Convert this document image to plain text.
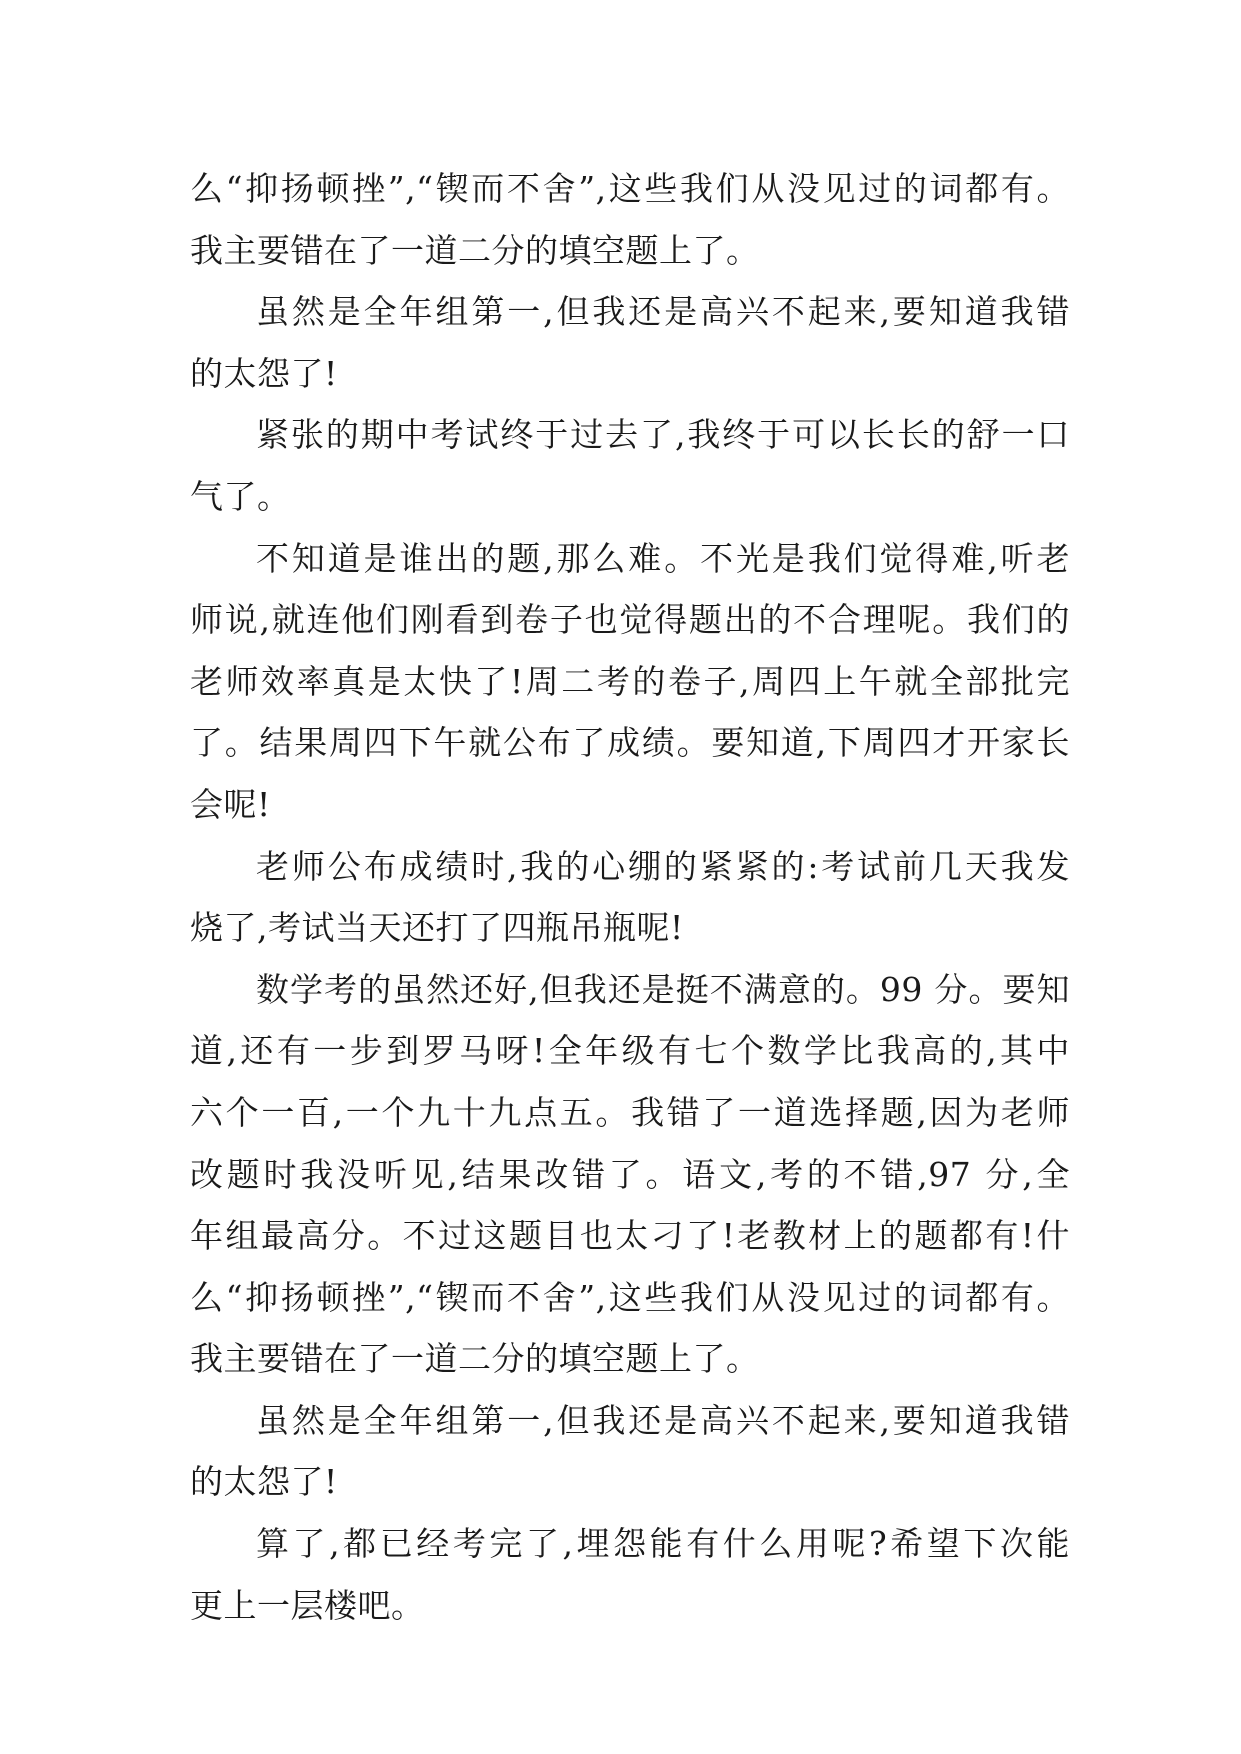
么“抑扬顿挫”,“锲而不舍”,这些我们从没见过的词都有。
我主要错在了一道二分的填空题上了。
虽然是全年组第一,但我还是高兴不起来,要知道我错
的太怨了!
紧张的期中考试终于过去了,我终于可以长长的舒一口
气了。
不知道是谁出的题,那么难。不光是我们觉得难,听老
师说,就连他们刚看到卷子也觉得题出的不合理呢。我们的
老师效率真是太快了!周二考的卷子,周四上午就全部批完
了。结果周四下午就公布了成绩。要知道,下周四才开家长
会呢!
老师公布成绩时,我的心绷的紧紧的:考试前几天我发
烧了,考试当天还打了四瓶吊瓶呢!
数学考的虽然还好,但我还是挺不满意的。99 分。要知
道,还有一步到罗马呀!全年级有七个数学比我高的,其中
六个一百,一个九十九点五。我错了一道选择题,因为老师
改题时我没听见,结果改错了。语文,考的不错,97 分,全
年组最高分。不过这题目也太刁了!老教材上的题都有!什
么“抑扬顿挫”,“锲而不舍”,这些我们从没见过的词都有。
我主要错在了一道二分的填空题上了。
虽然是全年组第一,但我还是高兴不起来,要知道我错
的太怨了!
算了,都已经考完了,埋怨能有什么用呢?希望下次能
更上一层楼吧。
